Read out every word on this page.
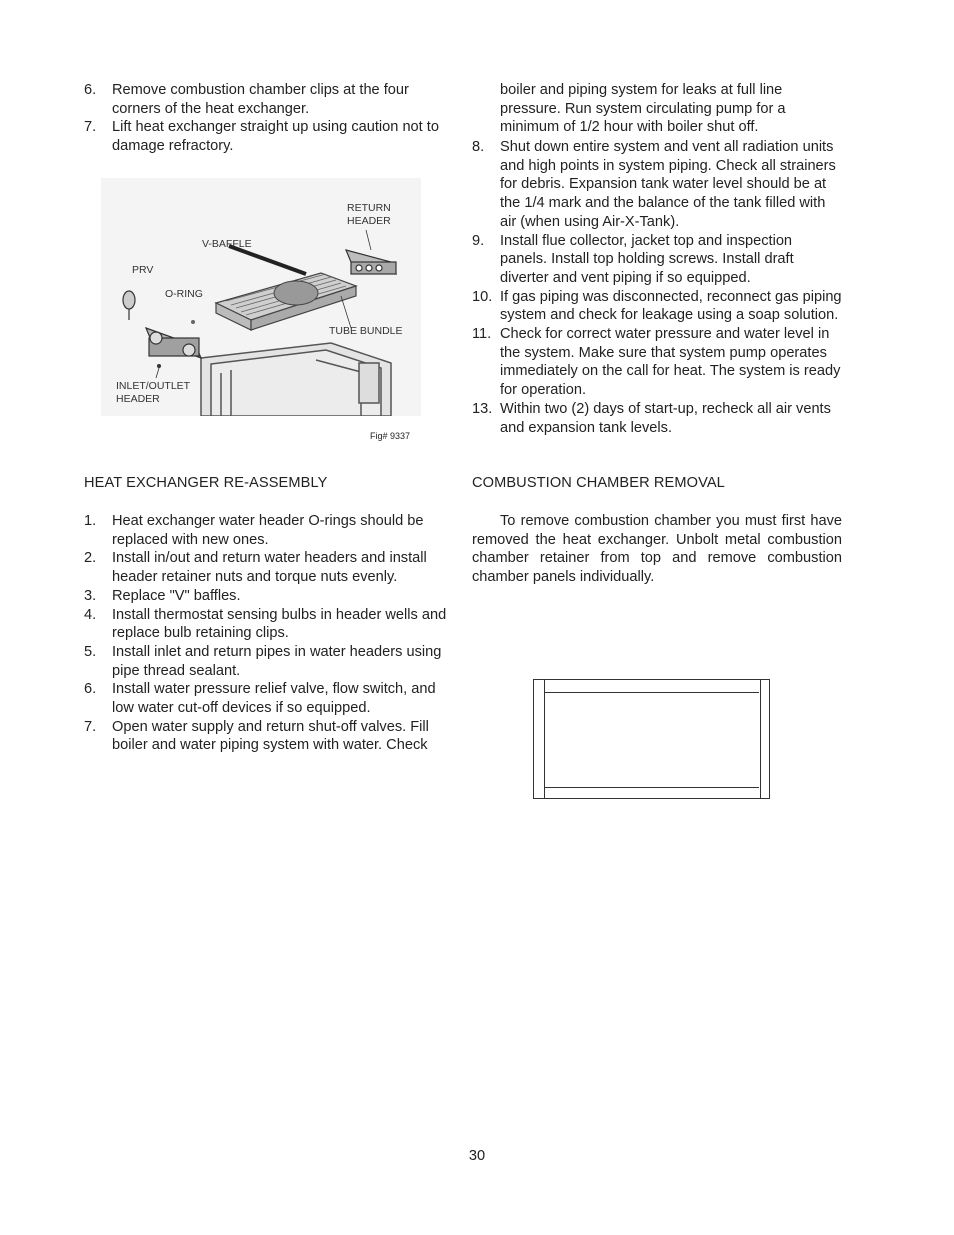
6. Remove combustion chamber clips at the four corners of the heat exchanger.
7. Lift heat exchanger straight up using caution not to damage refractory.
RETURN
HEADER
V-BAFFLE
PRV
O-RING
TUBE BUNDLE
INLET/OUTLET
HEADER
Fig# 9337
HEAT EXCHANGER RE-ASSEMBLY
1. Heat exchanger water header O-rings should be replaced with new ones.
2. Install in/out and return water headers and install header retainer nuts and torque nuts evenly.
3. Replace "V" baffles.
4. Install thermostat sensing bulbs in header wells and replace bulb retaining clips.
5. Install inlet and return pipes in water headers using pipe thread sealant.
6. Install water pressure relief valve, flow switch, and low water cut-off devices if so equipped.
7. Open water supply and return shut-off valves. Fill boiler and water piping system with water. Check
boiler and piping system for leaks at full line pressure. Run system circulating pump for a minimum of 1/2 hour with boiler shut off.
8. Shut down entire system and vent all radiation units and high points in system piping. Check all strainers for debris. Expansion tank water level should be at the 1/4 mark and the balance of the tank filled with air (when using Air-X-Tank).
9. Install flue collector, jacket top and inspection panels. Install top holding screws. Install draft diverter and vent piping if so equipped.
10. If gas piping was disconnected, reconnect gas piping system and check for leakage using a soap solution.
11. Check for correct water pressure and water level in the system. Make sure that system pump operates immediately on the call for heat. The system is ready for operation.
13. Within two (2) days of start-up, recheck all air vents and expansion tank levels.
COMBUSTION CHAMBER REMOVAL
To remove combustion chamber you must first have removed the heat exchanger. Unbolt metal combustion chamber retainer from top and remove combustion chamber panels individually.
30
